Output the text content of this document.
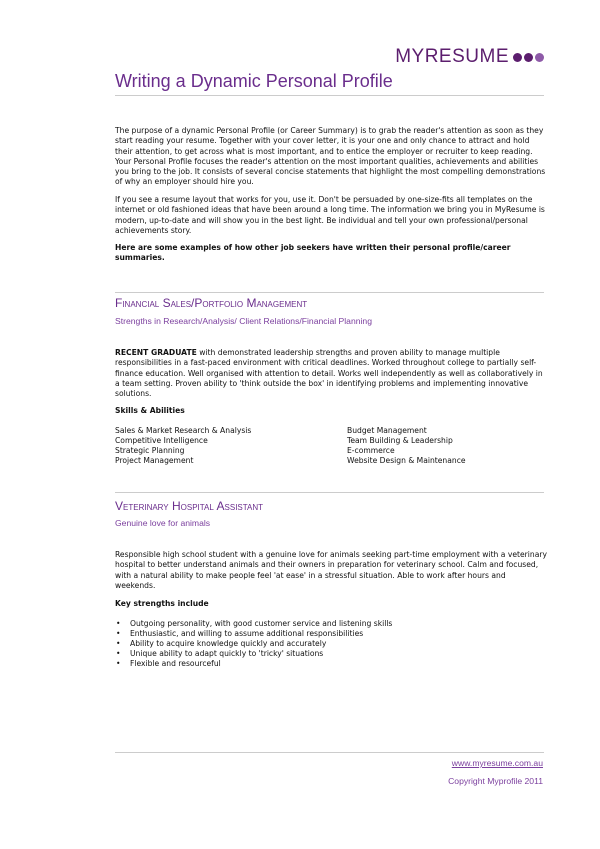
MYRESUME
Writing a Dynamic Personal Profile

The purpose of a dynamic Personal Profile (or Career Summary) is to grab the reader's attention as soon as they start reading your resume. Together with your cover letter, it is your one and only chance to attract and hold their attention, to get across what is most important, and to entice the employer or recruiter to keep reading. Your Personal Profile focuses the reader's attention on the most important qualities, achievements and abilities you bring to the job. It consists of several concise statements that highlight the most compelling demonstrations of why an employer should hire you.

If you see a resume layout that works for you, use it. Don't be persuaded by one-size-fits all templates on the internet or old fashioned ideas that have been around a long time. The information we bring you in MyResume is modern, up-to-date and will show you in the best light. Be individual and tell your own professional/personal achievements story.

Here are some examples of how other job seekers have written their personal profile/career summaries.

Financial Sales/Portfolio Management
Strengths in Research/Analysis/ Client Relations/Financial Planning

RECENT GRADUATE with demonstrated leadership strengths and proven ability to manage multiple responsibilities in a fast-paced environment with critical deadlines. Worked throughout college to partially self-finance education. Well organised with attention to detail. Works well independently as well as collaboratively in a team setting. Proven ability to 'think outside the box' in identifying problems and implementing innovative solutions.

Skills & Abilities
Sales & Market Research & Analysis
Competitive Intelligence
Strategic Planning
Project Management
Budget Management
Team Building & Leadership
E-commerce
Website Design & Maintenance
Veterinary Hospital Assistant
Genuine love for animals

Responsible high school student with a genuine love for animals seeking part-time employment with a veterinary hospital to better understand animals and their owners in preparation for veterinary school. Calm and focused, with a natural ability to make people feel 'at ease' in a stressful situation. Able to work after hours and weekends.

Key strengths include
• Outgoing personality, with good customer service and listening skills
• Enthusiastic, and willing to assume additional responsibilities
• Ability to acquire knowledge quickly and accurately
• Unique ability to adapt quickly to 'tricky' situations
• Flexible and resourceful
www.myresume.com.au
Copyright Myprofile 2011
